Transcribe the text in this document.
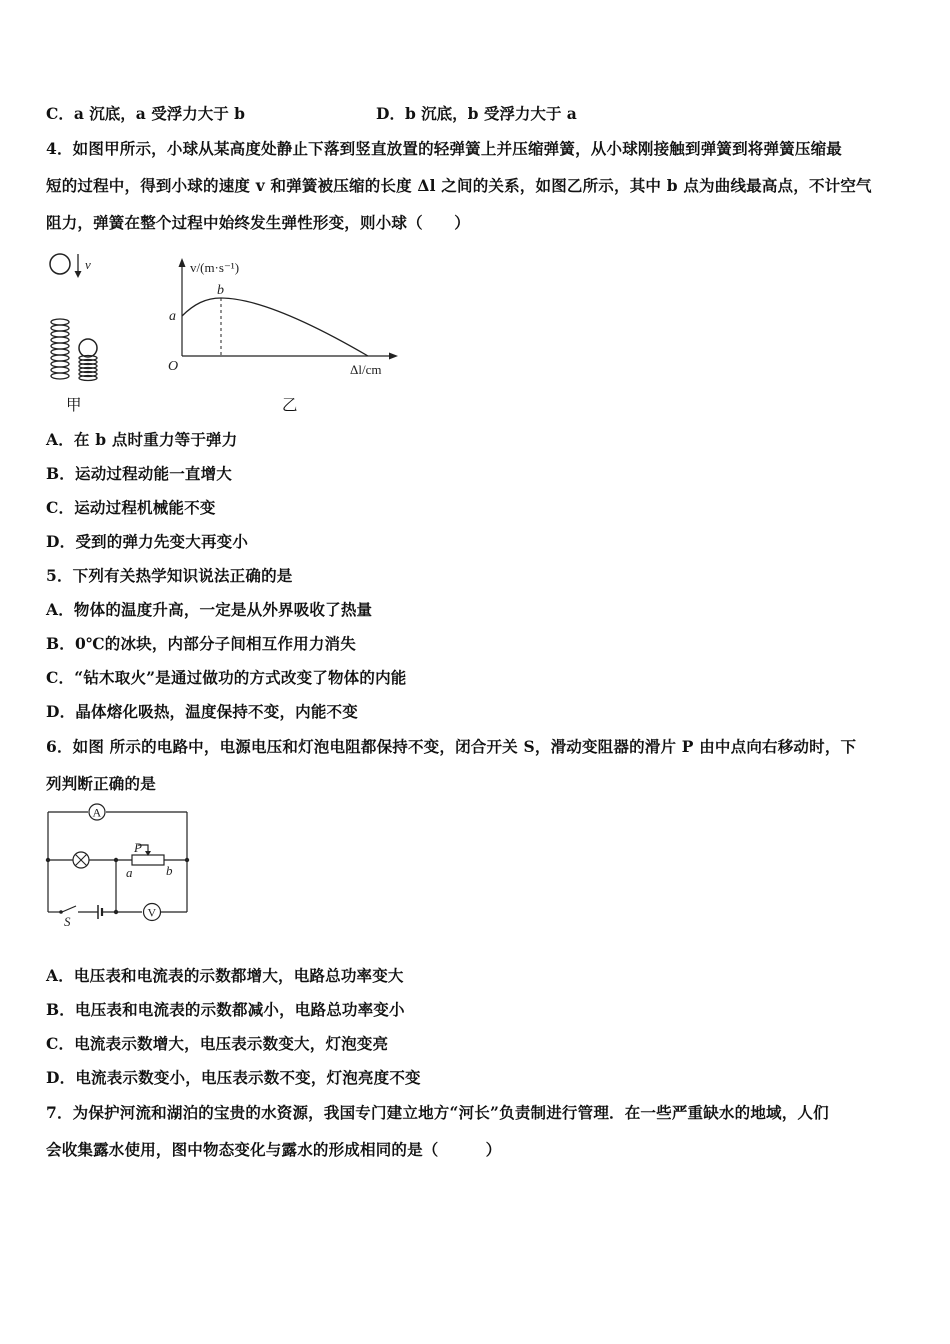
C．a 沉底，a 受浮力大于 b	D．b 沉底，b 受浮力大于 a
4．如图甲所示，小球从某高度处静止下落到竖直放置的轻弹簧上并压缩弹簧，从小球刚接触到弹簧到将弹簧压缩最
短的过程中，得到小球的速度 v 和弹簧被压缩的长度 Δl 之间的关系，如图乙所示，其中 b 点为曲线最高点，不计空气
阻力，弹簧在整个过程中始终发生弹性形变，则小球（　　）
v
甲
v/(m·s⁻¹)
Δl/cm
O
a
b
乙
A．在 b 点时重力等于弹力
B．运动过程动能一直增大
C．运动过程机械能不变
D．受到的弹力先变大再变小
5．下列有关热学知识说法正确的是
A．物体的温度升高，一定是从外界吸收了热量
B．0℃的冰块，内部分子间相互作用力消失
C．“钻木取火”是通过做功的方式改变了物体的内能
D．晶体熔化吸热，温度保持不变，内能不变
6．如图 所示的电路中，电源电压和灯泡电阻都保持不变，闭合开关 S，滑动变阻器的滑片 P 由中点向右移动时，下
列判断正确的是
A
V
P
a	b
S
A．电压表和电流表的示数都增大，电路总功率变大
B．电压表和电流表的示数都减小，电路总功率变小
C．电流表示数增大，电压表示数变大，灯泡变亮
D．电流表示数变小，电压表示数不变，灯泡亮度不变
7．为保护河流和湖泊的宝贵的水资源，我国专门建立地方“河长”负责制进行管理．在一些严重缺水的地域，人们
会收集露水使用，图中物态变化与露水的形成相同的是（　　　）
